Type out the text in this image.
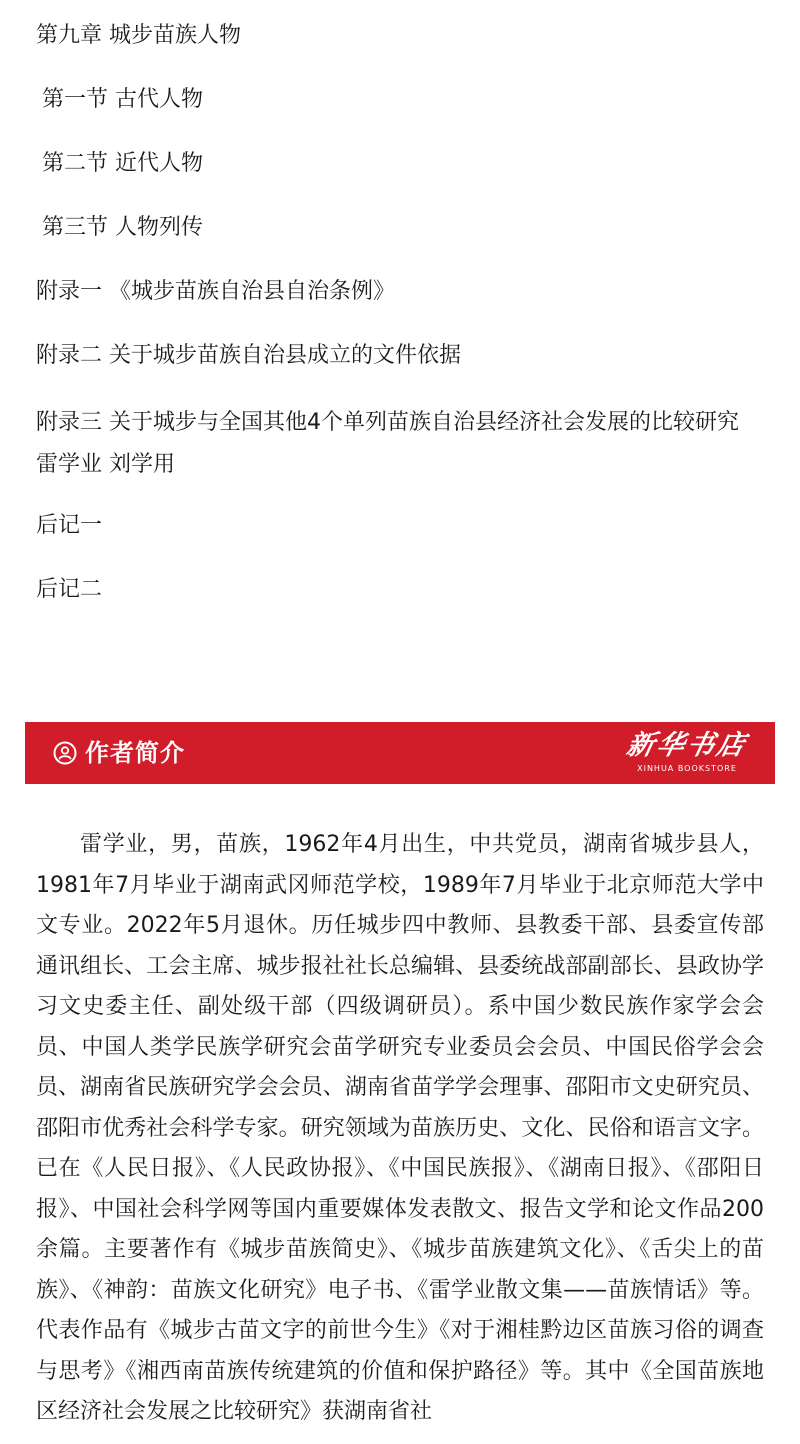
第九章 城步苗族人物

第一节 古代人物

第二节 近代人物

第三节 人物列传

附录一 《城步苗族自治县自治条例》

附录二 关于城步苗族自治县成立的文件依据

附录三 关于城步与全国其他4个单列苗族自治县经济社会发展的比较研究 雷学业 刘学用

后记一

后记二

作者简介	新华书店
XINHUA BOOKSTORE

雷学业，男，苗族，1962年4月出生，中共党员，湖南省城步县人，1981年7月毕业于湖南武冈师范学校，1989年7月毕业于北京师范大学中文专业。2022年5月退休。历任城步四中教师、县教委干部、县委宣传部通讯组长、工会主席、城步报社社长总编辑、县委统战部副部长、县政协学习文史委主任、副处级干部（四级调研员）。系中国少数民族作家学会会员、中国人类学民族学研究会苗学研究专业委员会会员、中国民俗学会会员、湖南省民族研究学会会员、湖南省苗学学会理事、邵阳市文史研究员、邵阳市优秀社会科学专家。研究领域为苗族历史、文化、民俗和语言文字。已在《人民日报》、《人民政协报》、《中国民族报》、《湖南日报》、《邵阳日报》、中国社会科学网等国内重要媒体发表散文、报告文学和论文作品200余篇。主要著作有《城步苗族简史》、《城步苗族建筑文化》、《舌尖上的苗族》、《神韵：苗族文化研究》电子书、《雷学业散文集——苗族情话》等。代表作品有《城步古苗文字的前世今生》《对于湘桂黔边区苗族习俗的调查与思考》《湘西南苗族传统建筑的价值和保护路径》等。其中《全国苗族地区经济社会发展之比较研究》获湖南省社
